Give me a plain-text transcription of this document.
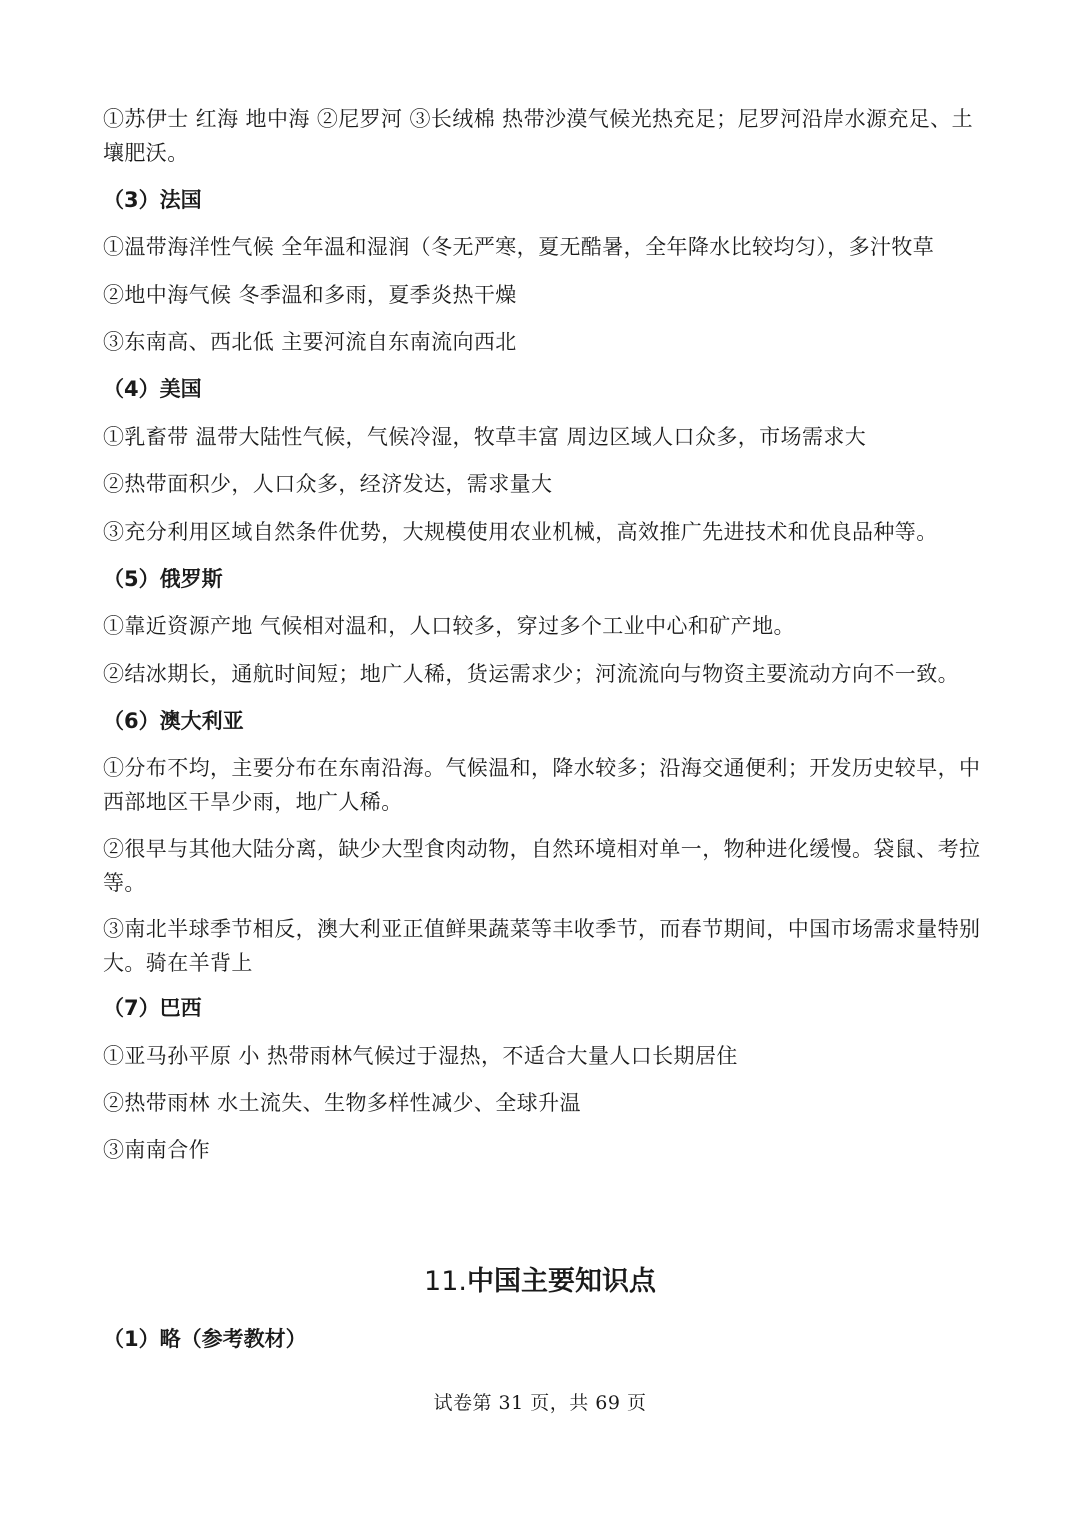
①苏伊士 红海 地中海 ②尼罗河 ③长绒棉 热带沙漠气候光热充足；尼罗河沿岸水源充足、土壤肥沃。
（3）法国
①温带海洋性气候 全年温和湿润（冬无严寒，夏无酷暑，全年降水比较均匀），多汁牧草
②地中海气候 冬季温和多雨，夏季炎热干燥
③东南高、西北低 主要河流自东南流向西北
（4）美国
①乳畜带 温带大陆性气候，气候冷湿，牧草丰富 周边区域人口众多，市场需求大
②热带面积少，人口众多，经济发达，需求量大
③充分利用区域自然条件优势，大规模使用农业机械，高效推广先进技术和优良品种等。
（5）俄罗斯
①靠近资源产地 气候相对温和，人口较多，穿过多个工业中心和矿产地。
②结冰期长，通航时间短；地广人稀，货运需求少；河流流向与物资主要流动方向不一致。
（6）澳大利亚
①分布不均，主要分布在东南沿海。气候温和，降水较多；沿海交通便利；开发历史较早，中西部地区干旱少雨，地广人稀。
②很早与其他大陆分离，缺少大型食肉动物，自然环境相对单一，物种进化缓慢。袋鼠、考拉等。
③南北半球季节相反，澳大利亚正值鲜果蔬菜等丰收季节，而春节期间，中国市场需求量特别大。骑在羊背上
（7）巴西
①亚马孙平原 小 热带雨林气候过于湿热，不适合大量人口长期居住
②热带雨林 水土流失、生物多样性减少、全球升温
③南南合作
11.中国主要知识点
（1）略（参考教材）
试卷第 31 页，共 69 页
